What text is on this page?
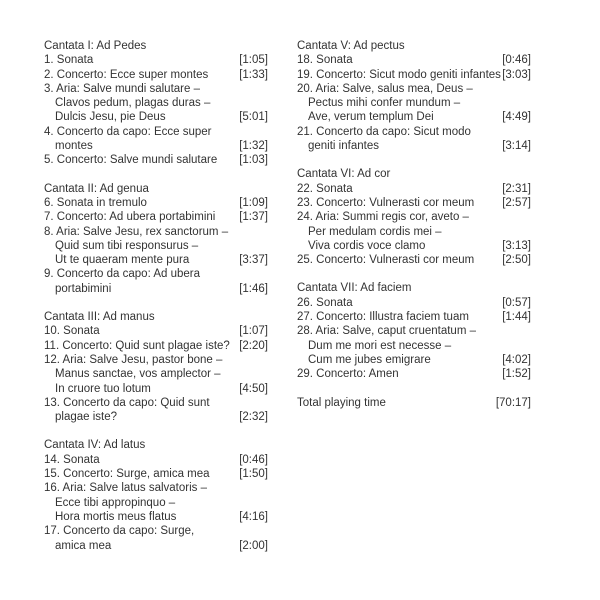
Cantata I: Ad Pedes
1. Sonata	[1:05]
2. Concerto: Ecce super montes	[1:33]
3. Aria: Salve mundi salutare –
Clavos pedum, plagas duras –
Dulcis Jesu, pie Deus	[5:01]
4. Concerto da capo: Ecce super
montes	[1:32]
5. Concerto: Salve mundi salutare [1:03]
Cantata II: Ad genua
6. Sonata in tremulo	[1:09]
7. Concerto: Ad ubera portabimini [1:37]
8. Aria: Salve Jesu, rex sanctorum –
Quid sum tibi responsurus –
Ut te quaeram mente pura	[3:37]
9. Concerto da capo: Ad ubera
portabimini	[1:46]
Cantata III: Ad manus
10. Sonata	[1:07]
11. Concerto: Quid sunt plagae iste? [2:20]
12. Aria: Salve Jesu, pastor bone –
Manus sanctae, vos amplector –
In cruore tuo lotum	[4:50]
13. Concerto da capo: Quid sunt
plagae iste?	[2:32]
Cantata IV: Ad latus
14. Sonata	[0:46]
15. Concerto: Surge, amica mea	[1:50]
16. Aria: Salve latus salvatoris –
Ecce tibi appropinquo –
Hora mortis meus flatus	[4:16]
17. Concerto da capo: Surge,
amica mea	[2:00]
Cantata V: Ad pectus
18. Sonata	[0:46]
19. Concerto: Sicut modo geniti infantes [3:03]
20. Aria: Salve, salus mea, Deus –
Pectus mihi confer mundum –
Ave, verum templum Dei	[4:49]
21. Concerto da capo: Sicut modo
geniti infantes	[3:14]
Cantata VI: Ad cor
22. Sonata	[2:31]
23. Concerto: Vulnerasti cor meum [2:57]
24. Aria: Summi regis cor, aveto –
Per medulam cordis mei –
Viva cordis voce clamo	[3:13]
25. Concerto: Vulnerasti cor meum [2:50]
Cantata VII: Ad faciem
26. Sonata	[0:57]
27. Concerto: Illustra faciem tuam	[1:44]
28. Aria: Salve, caput cruentatum –
Dum me mori est necesse –
Cum me jubes emigrare	[4:02]
29. Concerto: Amen	[1:52]
Total playing time	[70:17]
